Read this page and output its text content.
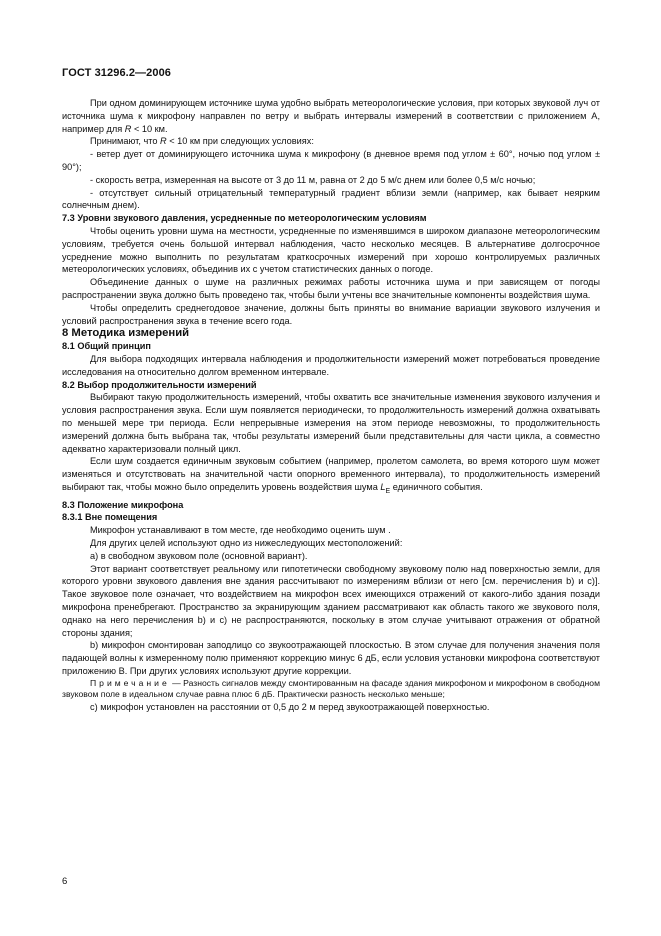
ГОСТ 31296.2—2006

При одном доминирующем источнике шума удобно выбрать метеорологические условия, при которых звуковой луч от источника шума к микрофону направлен по ветру и выбрать интервалы измерений в соответствии с приложением А, например для R < 10 км.

Принимают, что R < 10 км при следующих условиях:

- ветер дует от доминирующего источника шума к микрофону (в дневное время под углом ± 60°, ночью под углом ± 90°);

- скорость ветра, измеренная на высоте от 3 до 11 м, равна от 2 до 5 м/с днем или более 0,5 м/с ночью;

- отсутствует сильный отрицательный температурный градиент вблизи земли (например, как бывает неярким солнечным днем).

7.3 Уровни звукового давления, усредненные по метеорологическим условиям

Чтобы оценить уровни шума на местности, усредненные по изменявшимся в широком диапазоне метеорологическим условиям, требуется очень большой интервал наблюдения, часто несколько месяцев. В альтернативе долгосрочное усреднение можно выполнить по результатам краткосрочных измерений при хорошо контролируемых различных метеорологических условиях, объединив их с учетом статистических данных о погоде.

Объединение данных о шуме на различных режимах работы источника шума и при зависящем от погоды распространении звука должно быть проведено так, чтобы были учтены все значительные компоненты воздействия шума.

Чтобы определить среднегодовое значение, должны быть приняты во внимание вариации звукового излучения и условий распространения звука в течение всего года.

8 Методика измерений

8.1 Общий принцип

Для выбора подходящих интервала наблюдения и продолжительности измерений может потребоваться проведение исследования на относительно долгом временном интервале.

8.2 Выбор продолжительности измерений

Выбирают такую продолжительность измерений, чтобы охватить все значительные изменения звукового излучения и условия распространения звука. Если шум появляется периодически, то продолжительность измерений должна охватывать по меньшей мере три периода. Если непрерывные измерения на этом периоде невозможны, то продолжительность измерений должна быть выбрана так, чтобы результаты измерений были представительны для части цикла, а совместно адекватно характеризовали полный цикл.

Если шум создается единичным звуковым событием (например, пролетом самолета, во время которого шум может изменяться и отсутствовать на значительной части опорного временного интервала), то продолжительность измерений выбирают так, чтобы можно было определить уровень воздействия шума $L_E$ единичного события.

8.3 Положение микрофона

8.3.1 Вне помещения

Микрофон устанавливают в том месте, где необходимо оценить шум .

Для других целей используют одно из нижеследующих местоположений:

а) в свободном звуковом поле (основной вариант).

Этот вариант соответствует реальному или гипотетически свободному звуковому полю над поверхностью земли, для которого уровни звукового давления вне здания рассчитывают по измерениям вблизи от него [см. перечисления b) и c)]. Такое звуковое поле означает, что воздействием на микрофон всех имеющихся отражений от какого-либо здания позади микрофона пренебрегают. Пространство за экранирующим зданием рассматривают как область такого же звукового поля, однако на него перечисления b) и c) не распространяются, поскольку в этом случае учитывают отражения от обратной стороны здания;

b) микрофон смонтирован заподлицо со звукоотражающей плоскостью. В этом случае для получения значения поля падающей волны к измеренному полю применяют коррекцию минус 6 дБ, если условия установки микрофона соответствуют приложению В. При других условиях используют другие коррекции.

Примечание — Разность сигналов между смонтированным на фасаде здания микрофоном и микрофоном в свободном звуковом поле в идеальном случае равна плюс 6 дБ. Практически разность несколько меньше;

с) микрофон установлен на расстоянии от 0,5 до 2 м перед звукоотражающей поверхностью.

6
